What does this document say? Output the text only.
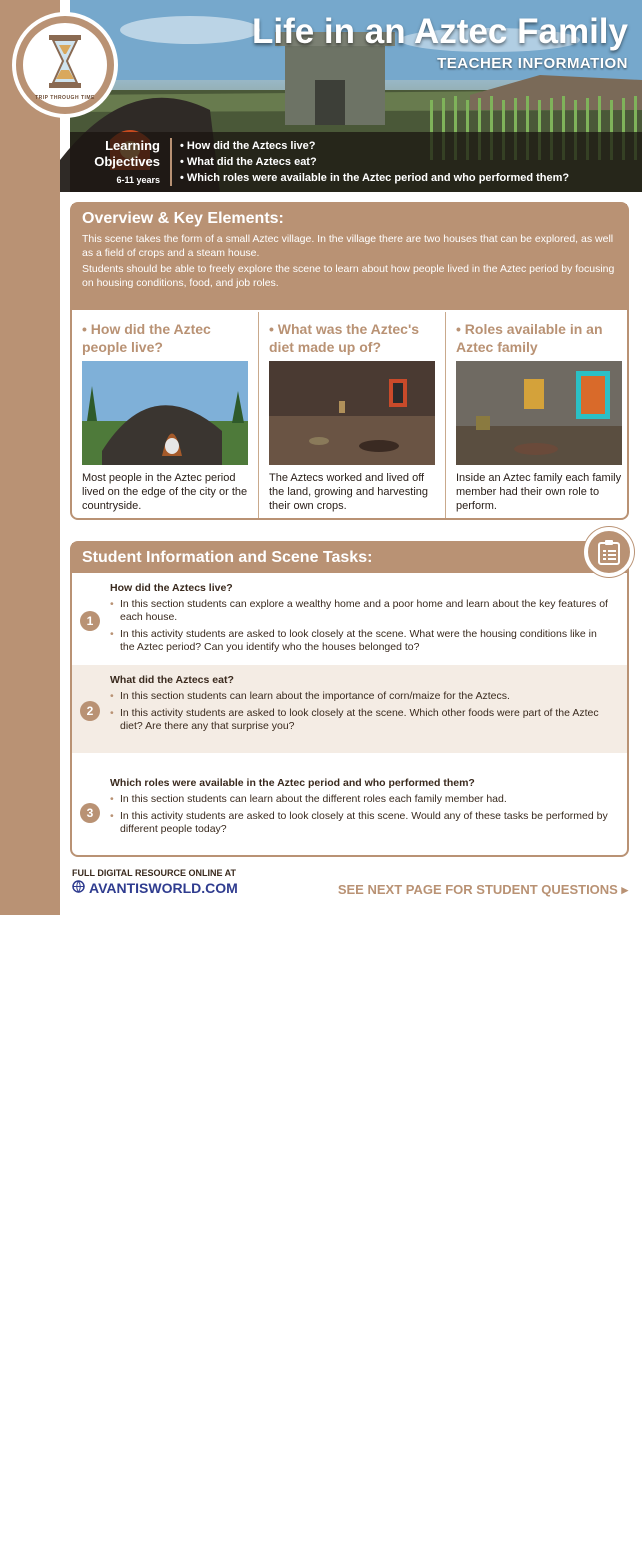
Life in an Aztec Family TRIP THROUGH TIME LAND ▸ EARLY HUMANITY
TRIP THROUGH TIME
Life in an Aztec Family
TEACHER INFORMATION
Learning
Objectives
6-11 years
• How did the Aztecs live?
• What did the Aztecs eat?
• Which roles were available in the Aztec period and who performed them?
Overview & Key Elements:

This scene takes the form of a small Aztec village. In the village there are two houses that can be explored, as well as a field of crops and a steam house.

Students should be able to freely explore the scene to learn about how people lived in the Aztec period by focusing on housing conditions, food, and job roles.

• How did the Aztec people live?

Most people in the Aztec period lived on the edge of the city or the countryside.

• What was the Aztec's diet made up of?

The Aztecs worked and lived off the land, growing and harvesting their own crops.

• Roles available in an Aztec family

Inside an Aztec family each family member had their own role to perform.

Student Information and Scene Tasks:
1
How did the Aztecs live?
• In this section students can explore a wealthy home and a poor home and learn about the key features of each house.
• In this activity students are asked to look closely at the scene. What were the housing conditions like in the Aztec period? Can you identify who the houses belonged to?
2
What did the Aztecs eat?
• In this section students can learn about the importance of corn/maize for the Aztecs.
• In this activity students are asked to look closely at the scene. Which other foods were part of the Aztec diet? Are there any that surprise you?
3
Which roles were available in the Aztec period and who performed them?
• In this section students can learn about the different roles each family member had.
• In this activity students are asked to look closely at this scene. Would any of these tasks be performed by different people today?
FULL DIGITAL RESOURCE ONLINE AT
AVANTISWORLD.COM	SEE NEXT PAGE FOR STUDENT QUESTIONS ▸
